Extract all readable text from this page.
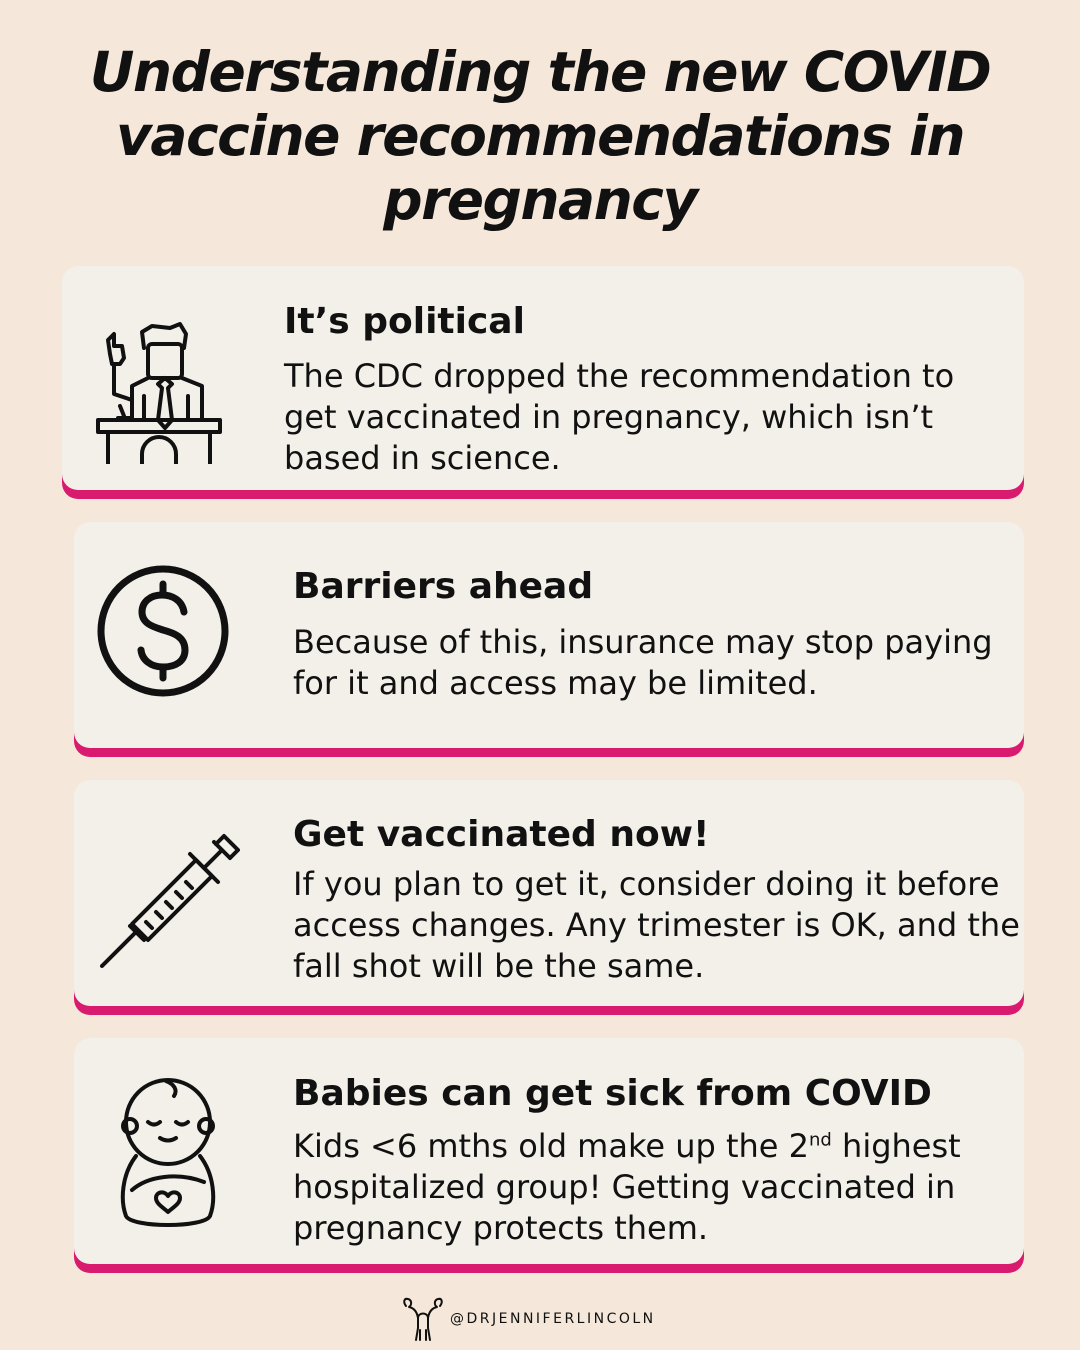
Understanding the new COVID vaccine recommendations in pregnancy

It’s political

The CDC dropped the recommendation to get vaccinated in pregnancy, which isn’t based in science.

Barriers ahead

Because of this, insurance may stop paying for it and access may be limited.

Get vaccinated now!

If you plan to get it, consider doing it before access changes. Any trimester is OK, and the fall shot will be the same.

Babies can get sick from COVID

Kids <6 mths old make up the 2nd highest hospitalized group! Getting vaccinated in pregnancy protects them.

@DRJENNIFERLINCOLN
